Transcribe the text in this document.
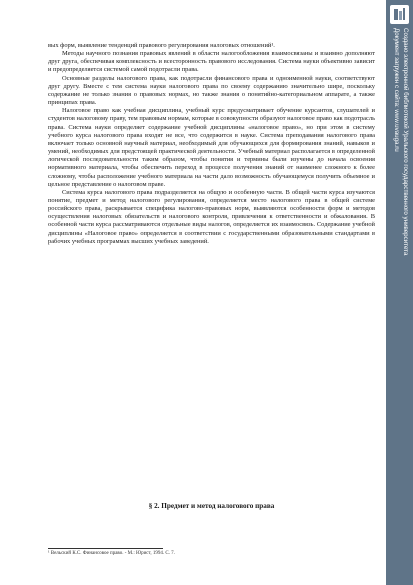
вых форм, выявление тенденций правового регулирования налоговых отношений¹.

Методы научного познания правовых явлений в области налогообложения взаимосвязаны и взаимно дополняют друг друга, обеспечивая комплексность и всесторонность правового исследования. Система науки объективно зависит и предопределяется системой самой подотрасли права.

Основные разделы налогового права, как подотрасли финансового права и одноименной науки, соответствуют друг другу. Вместе с тем система науки налогового права по своему содержанию значительно шире, поскольку содержание не только знания о правовых нормах, но также знания о понятийно-категориальном аппарате, а также принципах права.

Налоговое право как учебная дисциплина, учебный курс предусматривает обучение курсантов, слушателей и студентов налоговому праву, тем правовым нормам, которые в совокупности образуют налоговое право как подотрасль права. Система науки определяет содержание учебной дисциплины «налоговое право», но при этом в систему учебного курса налогового права входят не все, что содержится в науке. Система преподавания налогового права включает только основной научный материал, необходимый для обучающихся для формирования знаний, навыков и умений, необходимых для предстоящей практической деятельности. Учебный материал располагается в определенной логической последовательности таким образом, чтобы понятия и термины были изучены до начала освоения нормативного материала, чтобы обеспечить переход в процессе получения знаний от наименее сложного к более сложному, чтобы расположение учебного материала на части дало возможность обучающемуся получить объемное и цельное представление о налоговом праве.

Система курса налогового права подразделяется на общую и особенную части. В общей части курса изучаются понятие, предмет и метод налогового регулирования, определяется место налогового права в общей системе российского права, раскрывается специфика налогово-правовых норм, выявляются особенности форм и методов осуществления налоговых обязательств и налогового контроля, привлечения к ответственности и обжалования. В особенной части курса рассматриваются отдельные виды налогов, определяется их взаимосвязь. Содержание учебной дисциплины «Налоговое право» определяется в соответствии с государственными образовательными стандартами в рабочих учебных программах высших учебных заведений.

§ 2. Предмет и метод налогового права
¹ Вельский К.С. Финансовое право. - М.: Юрист, 1994. С. 7.
Создано электронной библиотекой Уральского государственного университета
Документ загружен с сайта: www.uvauga.ru
